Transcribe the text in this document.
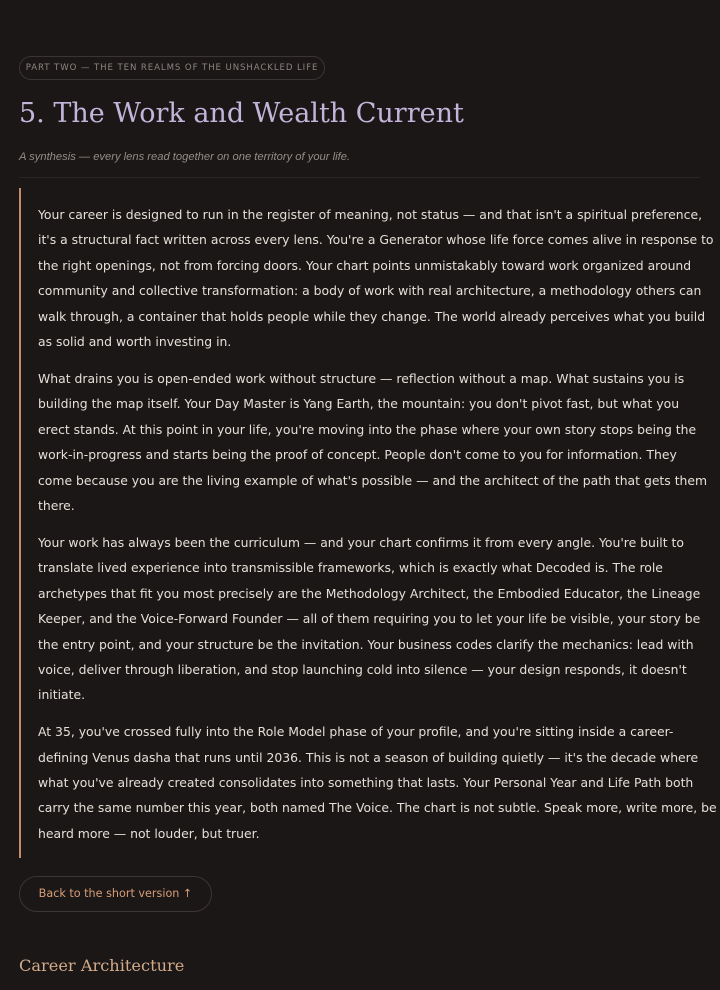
PART TWO — THE TEN REALMS OF THE UNSHACKLED LIFE
5. The Work and Wealth Current
A synthesis — every lens read together on one territory of your life.

Your career is designed to run in the register of meaning, not status — and that isn't a spiritual preference,
it's a structural fact written across every lens. You're a Generator whose life force comes alive in response to
the right openings, not from forcing doors. Your chart points unmistakably toward work organized around
community and collective transformation: a body of work with real architecture, a methodology others can
walk through, a container that holds people while they change. The world already perceives what you build
as solid and worth investing in.

What drains you is open-ended work without structure — reflection without a map. What sustains you is
building the map itself. Your Day Master is Yang Earth, the mountain: you don't pivot fast, but what you
erect stands. At this point in your life, you're moving into the phase where your own story stops being the
work-in-progress and starts being the proof of concept. People don't come to you for information. They
come because you are the living example of what's possible — and the architect of the path that gets them
there.

Your work has always been the curriculum — and your chart confirms it from every angle. You're built to
translate lived experience into transmissible frameworks, which is exactly what Decoded is. The role
archetypes that fit you most precisely are the Methodology Architect, the Embodied Educator, the Lineage
Keeper, and the Voice-Forward Founder — all of them requiring you to let your life be visible, your story be
the entry point, and your structure be the invitation. Your business codes clarify the mechanics: lead with
voice, deliver through liberation, and stop launching cold into silence — your design responds, it doesn't
initiate.

At 35, you've crossed fully into the Role Model phase of your profile, and you're sitting inside a career-
defining Venus dasha that runs until 2036. This is not a season of building quietly — it's the decade where
what you've already created consolidates into something that lasts. Your Personal Year and Life Path both
carry the same number this year, both named The Voice. The chart is not subtle. Speak more, write more, be
heard more — not louder, but truer.

Back to the short version ↑
Career Architecture
